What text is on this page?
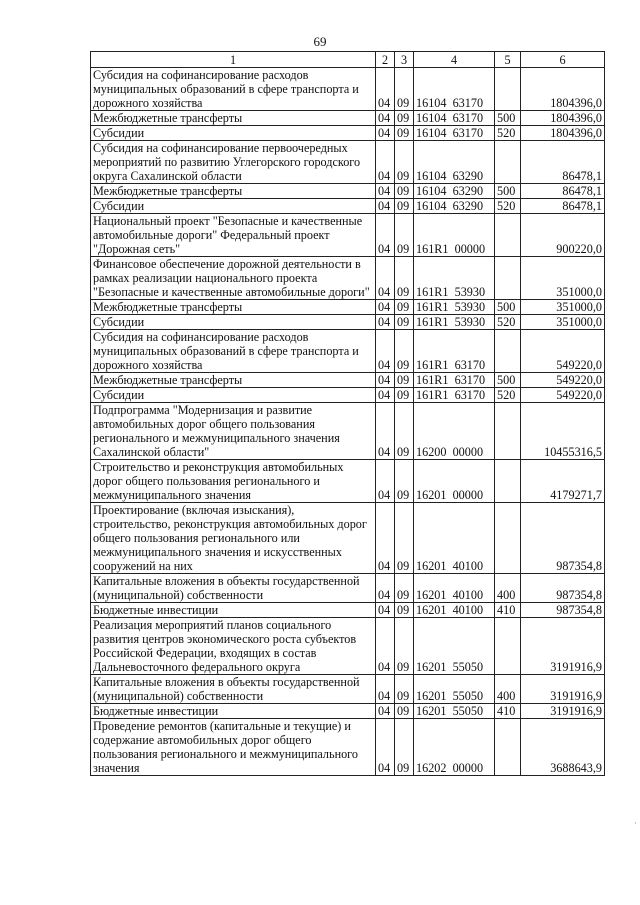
69
1	2	3	4	5	6
Субсидия на софинансирование расходов муниципальных образований в сфере транспорта и дорожного хозяйства	04	09	16104  63170		1804396,0
Межбюджетные трансферты	04	09	16104  63170	500	1804396,0
Субсидии	04	09	16104  63170	520	1804396,0
Субсидия на софинансирование первоочередных мероприятий по развитию Углегорского городского округа Сахалинской области	04	09	16104  63290		86478,1
Межбюджетные трансферты	04	09	16104  63290	500	86478,1
Субсидии	04	09	16104  63290	520	86478,1
Национальный проект "Безопасные и качественные автомобильные дороги" Федеральный проект "Дорожная сеть"	04	09	161R1  00000		900220,0
Финансовое обеспечение дорожной деятельности в рамках реализации национального проекта "Безопасные и качественные автомобильные дороги"	04	09	161R1  53930		351000,0
Межбюджетные трансферты	04	09	161R1  53930	500	351000,0
Субсидии	04	09	161R1  53930	520	351000,0
Субсидия на софинансирование расходов муниципальных образований в сфере транспорта и дорожного хозяйства	04	09	161R1  63170		549220,0
Межбюджетные трансферты	04	09	161R1  63170	500	549220,0
Субсидии	04	09	161R1  63170	520	549220,0
Подпрограмма "Модернизация и развитие автомобильных дорог общего пользования регионального и межмуниципального значения Сахалинской области"	04	09	16200  00000		10455316,5
Строительство и реконструкция автомобильных дорог общего пользования регионального и межмуниципального значения	04	09	16201  00000		4179271,7
Проектирование (включая изыскания), строительство, реконструкция автомобильных дорог общего пользования регионального или межмуниципального значения и искусственных сооружений на них	04	09	16201  40100		987354,8
Капитальные вложения в объекты государственной (муниципальной) собственности	04	09	16201  40100	400	987354,8
Бюджетные инвестиции	04	09	16201  40100	410	987354,8
Реализация мероприятий планов социального развития центров экономического роста субъектов Российской Федерации, входящих в состав Дальневосточного федерального округа	04	09	16201  55050		3191916,9
Капитальные вложения в объекты государственной (муниципальной) собственности	04	09	16201  55050	400	3191916,9
Бюджетные инвестиции	04	09	16201  55050	410	3191916,9
Проведение ремонтов (капитальные и текущие) и содержание автомобильных дорог общего пользования регионального и межмуниципального значения	04	09	16202  00000		3688643,9
·
